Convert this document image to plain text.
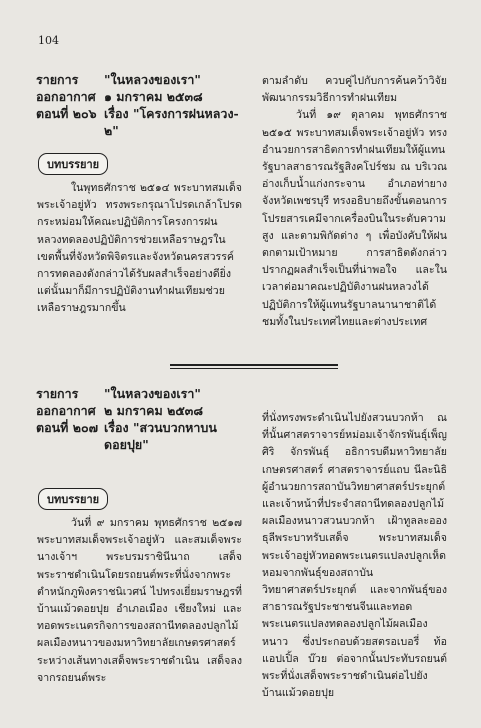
104
รายการ "ในหลวงของเรา"
ออกอากาศ ๑ มกราคม ๒๕๓๘
ตอนที่ ๒๐๖ เรื่อง "โครงการฝนหลวง-
๒"
บทบรรยาย

ในพุทธศักราช ๒๕๑๔ พระบาทสมเด็จพระเจ้าอยู่หัว ทรงพระกรุณาโปรดเกล้าโปรดกระหม่อมให้คณะปฏิบัติการโครงการฝนหลวงทดลองปฏิบัติการช่วยเหลือราษฎรในเขตพื้นที่จังหวัดพิจิตรและจังหวัดนครสวรรค์ การทดลองดังกล่าวได้รับผลสำเร็จอย่างดียิ่งแต่นั้นมาก็มีการปฏิบัติงานทำฝนเทียมช่วยเหลือราษฎรมากขึ้น

ตามลำดับ ควบคู่ไปกับการค้นคว้าวิจัยพัฒนากรรมวิธีการทำฝนเทียม

วันที่ ๑๙ ตุลาคม พุทธศักราช ๒๕๑๕ พระบาทสมเด็จพระเจ้าอยู่หัว ทรงอำนวยการสาธิตการทำฝนเทียมให้ผู้แทนรัฐบาลสาธารณรัฐสิงคโปร์ชม ณ บริเวณอ่างเก็บน้ำแก่งกระจาน อำเภอท่ายาง จังหวัดเพชรบุรี ทรงอธิบายถึงขั้นตอนการโปรยสารเคมีจากเครื่องบินในระดับความสูง และตามพิกัดต่าง ๆ เพื่อบังคับให้ฝนตกตามเป้าหมาย การสาธิตดังกล่าวปรากฏผลสำเร็จเป็นที่น่าพอใจ และในเวลาต่อมาคณะปฏิบัติงานฝนหลวงได้ปฏิบัติการให้ผู้แทนรัฐบาลนานาชาติได้ชมทั้งในประเทศไทยและต่างประเทศ

รายการ "ในหลวงของเรา"
ออกอากาศ ๒ มกราคม ๒๕๓๘
ตอนที่ ๒๐๗ เรื่อง "สวนบวกหาบน
ดอยปุย"
บทบรรยาย

วันที่ ๙ มกราคม พุทธศักราช ๒๕๑๗ พระบาทสมเด็จพระเจ้าอยู่หัว และสมเด็จพระนางเจ้าฯ พระบรมราชินีนาถ เสด็จพระราชดำเนินโดยรถยนต์พระที่นั่งจากพระตำหนักภูพิงคราชนิเวศน์ ไปทรงเยี่ยมราษฎรที่บ้านแม้วดอยปุย อำเภอเมือง เชียงใหม่ และทอดพระเนตรกิจการของสถานีทดลองปลูกไม้ผลเมืองหนาวของมหาวิทยาลัยเกษตรศาสตร์ ระหว่างเส้นทางเสด็จพระราชดำเนิน เสด็จลงจากรถยนต์พระ

ที่นั่งทรงพระดำเนินไปยังสวนบวกห้า ณ ที่นั้นศาสตราจารย์หม่อมเจ้าจักรพันธุ์เพ็ญศิริ จักรพันธุ์ อธิการบดีมหาวิทยาลัยเกษตรศาสตร์ ศาสตราจารย์แถบ นีละนิธิ ผู้อำนวยการสถาบันวิทยาศาสตร์ประยุกต์ และเจ้าหน้าที่ประจำสถานีทดลองปลูกไม้ผลเมืองหนาวสวนบวกห้า เฝ้าทูลละอองธุลีพระบาทรับเสด็จ พระบาทสมเด็จพระเจ้าอยู่หัวทอดพระเนตรแปลงปลูกเห็ดหอมจากพันธุ์ของสถาบันวิทยาศาสตร์ประยุกต์ และจากพันธุ์ของสาธารณรัฐประชาชนจีนและทอดพระเนตรแปลงทดลองปลูกไม้ผลเมืองหนาว ซึ่งประกอบด้วยสตรอเบอรี่ ท้อ แอปเปิ้ล บ๊วย ต่อจากนั้นประทับรถยนต์พระที่นั่งเสด็จพระราชดำเนินต่อไปยังบ้านแม้วดอยปุย
